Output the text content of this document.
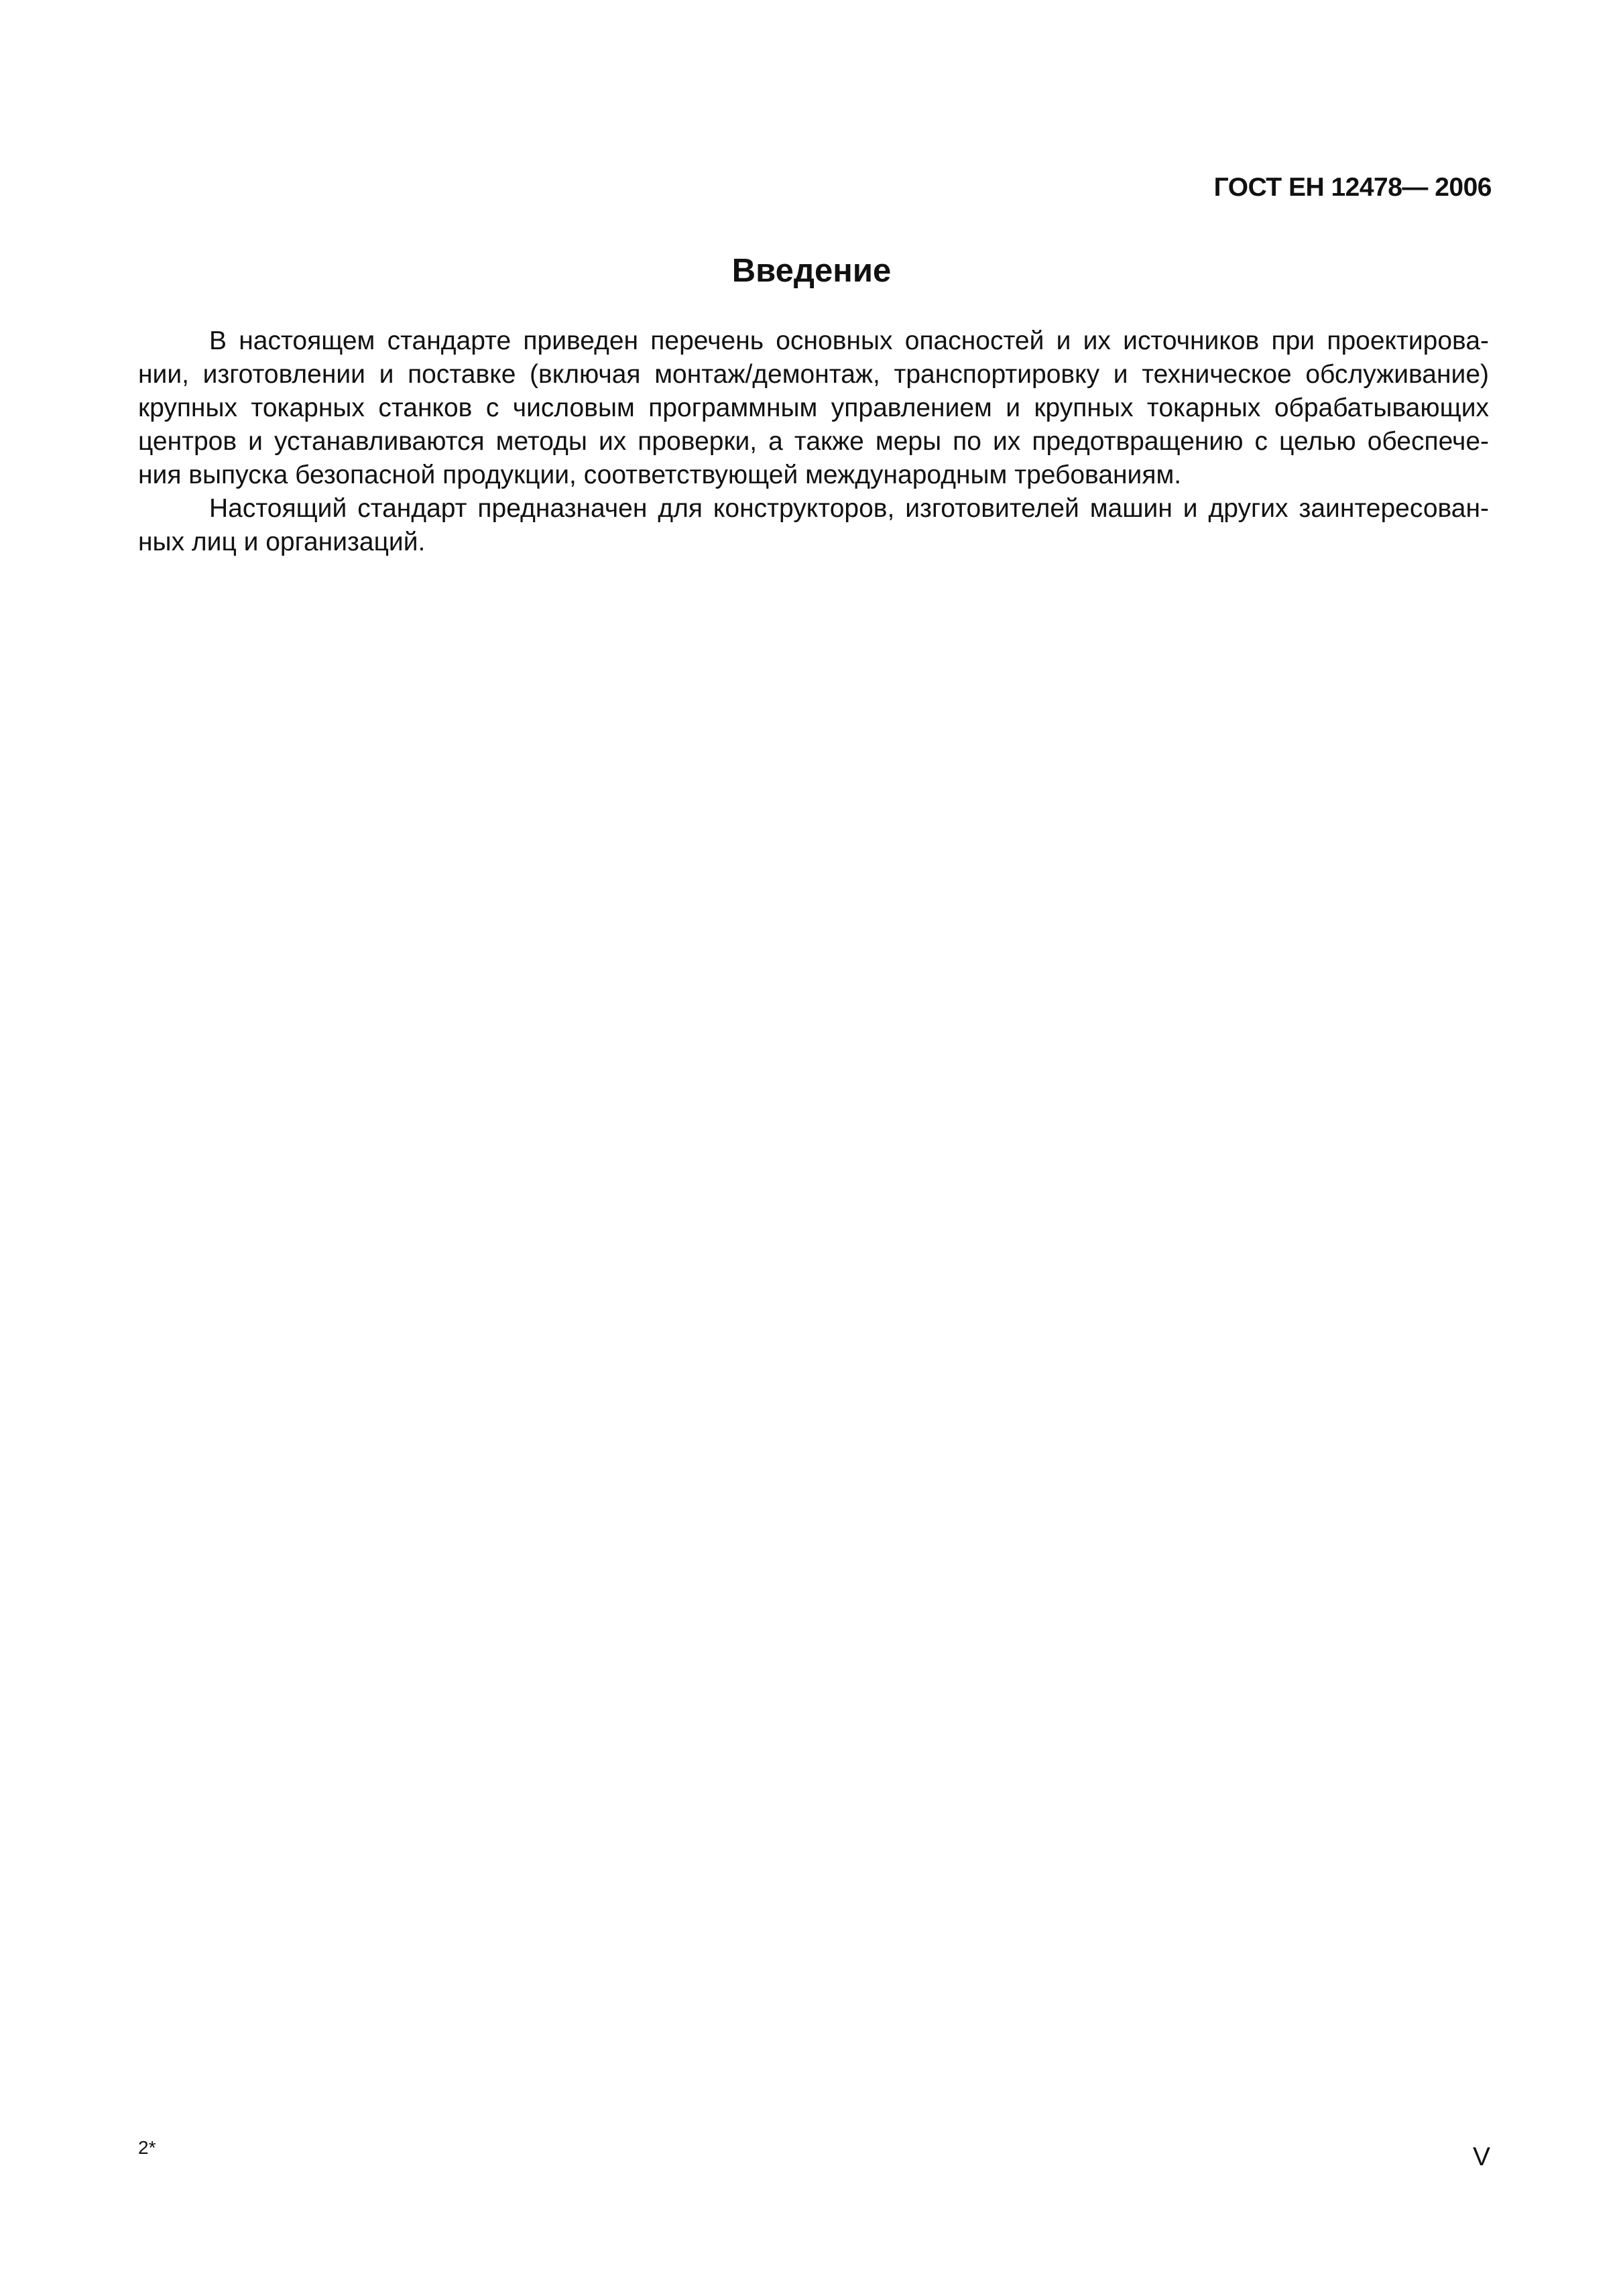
ГОСТ ЕН 12478— 2006
Введение

В настоящем стандарте приведен перечень основных опасностей и их источников при проектирова-
нии, изготовлении и поставке (включая монтаж/демонтаж, транспортировку и техническое обслуживание)
крупных токарных станков с числовым программным управлением и крупных токарных обрабатывающих
центров и устанавливаются методы их проверки, а также меры по их предотвращению с целью обеспече-
ния выпуска безопасной продукции, соответствующей международным требованиям.

Настоящий стандарт предназначен для конструкторов, изготовителей машин и других заинтересован-
ных лиц и организаций.

2*	V
